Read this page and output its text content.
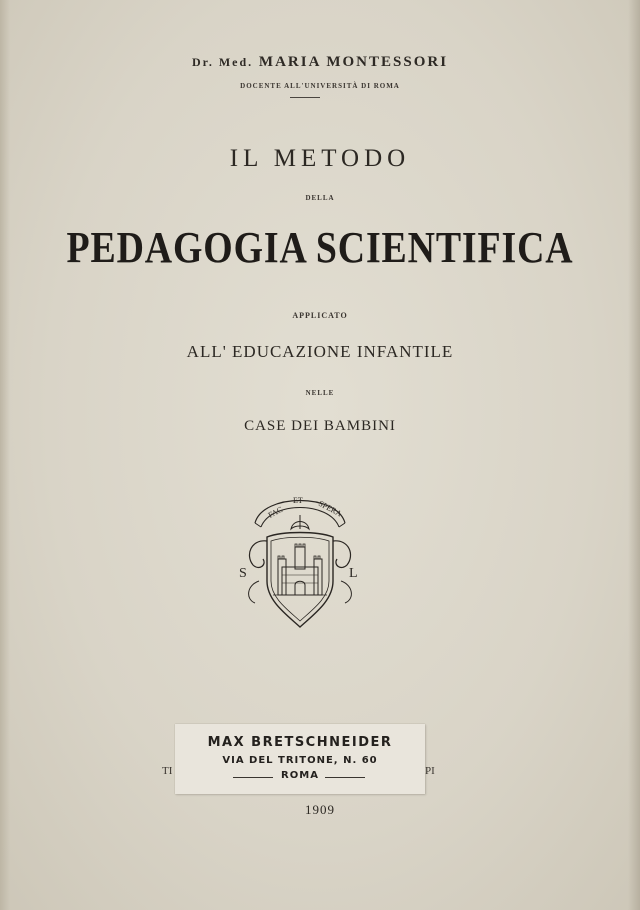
Dr. Med. MARIA MONTESSORI
DOCENTE ALL'UNIVERSITÀ DI ROMA
IL METODO
DELLA
PEDAGOGIA SCIENTIFICA
APPLICATO
ALL' EDUCAZIONE INFANTILE
NELLE
CASE DEI BAMBINI
FAC
ET SPERA
S	L
TI	PI
MAX BRETSCHNEIDER
VIA DEL TRITONE, N. 60
ROMA
1909
